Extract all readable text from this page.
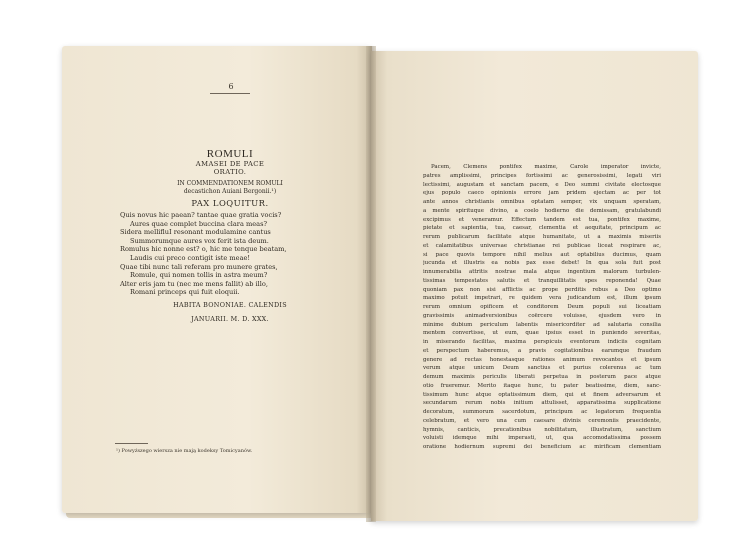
6

ROMULI

AMASEI DE PACE

ORATIO.

IN COMMENDATIONEM ROMULI

decastichon Auiani Bergonii.¹)

PAX LOQUITUR.

Quis novus hic paean? tantae quae gratia vocis?

Aures quae complet buccina clara meas?

Sidera mellifluI resonant modulamine cantus

Summorumque aures vox ferit ista deum.

Romulus hic nonne est? o, hic me tenque beatam,

Laudis cui preco contigit iste meae!

Quae tibi nunc tali referam pro munere grates,

Romule, qui nomen tollis in astra meum?

Alter eris jam tu (nec me mens fallit) ab illo,

Romani princeps qui fuit eloquii.

HABITA BONONIAE. CALENDIS

JANUARII. M. D. XXX.

¹) Powyższego wiersza nie mają kodeksy Tomicyanów.
Pacem, Clemens pontifex maxime, Carole imperator invicte,
patres amplissimi, principes fortissimi ac generosissimi, legati viri
lectissimi, augustam et sanctam pacem, e Deo summi civitate electosque
ejus populo caeco opinionis errore jam pridem ejectam ac per tot
ante annos christianis omnibus optatam semper, vix unquam speratam,
a mente spirituque divino, a coelo hodierno die demissam, gratulabundi
excipimus et veneramur. Effectum tandem est tua, pontifex maxime,
pietate et sapientia, tua, caesar, clementia et aequitate, principum ac
rerum publicarum facilitate atque humanitate, ut a maximis miseriis
et calamitatibus universae christianae rei publicae liceat respirare ac,
si pace quovis tempore nihil melius aut optabilius ducimus, quam
jucunda et illustris ea nobis pax esse debet! In qua sola fuit post
innumerabilia attritis nostrae mala atque ingentium malorum turbulen-
tissimas tempestates salutis et tranquillitatis spes reponenda! Quae
quoniam pax non sisi afflictis ac prope perditis rebus a Deo optimo
maximo potuit impetrari, re quidem vera judicandum est, illum ipsum
rerum omnium opificem et conditorem Deum populi sui liceatiam
gravissimis animadversionibus coërcere voluisse, ejusdem vero in
minime dubium periculum labentis misericorditer ad salutaria consilia
mentem convertisse, ut eum, quae ipsius esset in puniendo severitas,
in miserando facilitas, maxima perspicuis eventorum indiciis cognitam
et perspectum haberemus, a pravis cogitationibus earumque fraudum
genere ad rectas honestasque rationes animum revocantes et ipsum
verum atque unicum Deum sanctius et purius colerenus ac tum
demum maximis periculis liberati perpetua in posterum pace atque
otio frueremur. Merito itaque hunc, tu pater beatissime, diem, sanc-
tissimum hunc atque optatissimum diem, qui et finem adversarum et
secundarum rerum nobis initium attulisset, apparatissima supplicatione
decoratum, summorum sacerdotum, principum ac legatorum frequentia
celebratum, et vero una cum caesare divinis ceremoniis praecidente,
hymnis, canticis, precationibus nobilitatum, illustratum, sanctium
voluisti idemque mihi imperasti, ut, qua accomodatissima possem
oratione hodiernum supremi dei beneficium ac mirificam clementiam
